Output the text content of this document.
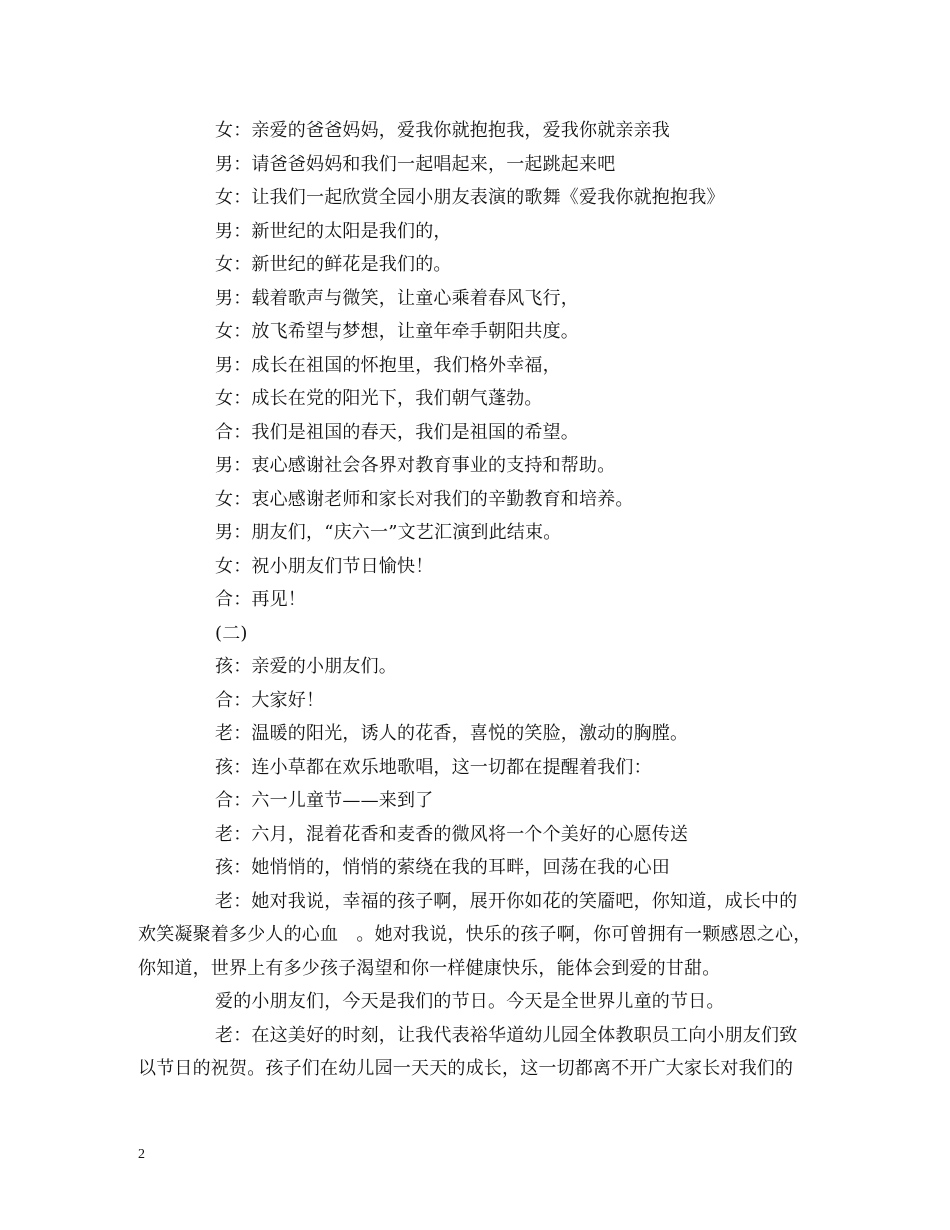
女：亲爱的爸爸妈妈，爱我你就抱抱我，爱我你就亲亲我
男：请爸爸妈妈和我们一起唱起来，一起跳起来吧
女：让我们一起欣赏全园小朋友表演的歌舞《爱我你就抱抱我》
男：新世纪的太阳是我们的，
女：新世纪的鲜花是我们的。
男：载着歌声与微笑，让童心乘着春风飞行，
女：放飞希望与梦想，让童年牵手朝阳共度。
男：成长在祖国的怀抱里，我们格外幸福，
女：成长在党的阳光下，我们朝气蓬勃。
合：我们是祖国的春天，我们是祖国的希望。
男：衷心感谢社会各界对教育事业的支持和帮助。
女：衷心感谢老师和家长对我们的辛勤教育和培养。
男：朋友们，“庆六一”文艺汇演到此结束。
女：祝小朋友们节日愉快！
合：再见！
(二)
孩：亲爱的小朋友们。
合：大家好！
老：温暖的阳光，诱人的花香，喜悦的笑脸，激动的胸膛。
孩：连小草都在欢乐地歌唱，这一切都在提醒着我们：
合：六一儿童节——来到了
老：六月，混着花香和麦香的微风将一个个美好的心愿传送
孩：她悄悄的，悄悄的萦绕在我的耳畔，回荡在我的心田
老：她对我说，幸福的孩子啊，展开你如花的笑靥吧，你知道，成长中的
欢笑凝聚着多少人的心血　。她对我说，快乐的孩子啊，你可曾拥有一颗感恩之心，
你知道，世界上有多少孩子渴望和你一样健康快乐，能体会到爱的甘甜。
爱的小朋友们，今天是我们的节日。今天是全世界儿童的节日。
老：在这美好的时刻，让我代表裕华道幼儿园全体教职员工向小朋友们致
以节日的祝贺。孩子们在幼儿园一天天的成长，这一切都离不开广大家长对我们的
2
